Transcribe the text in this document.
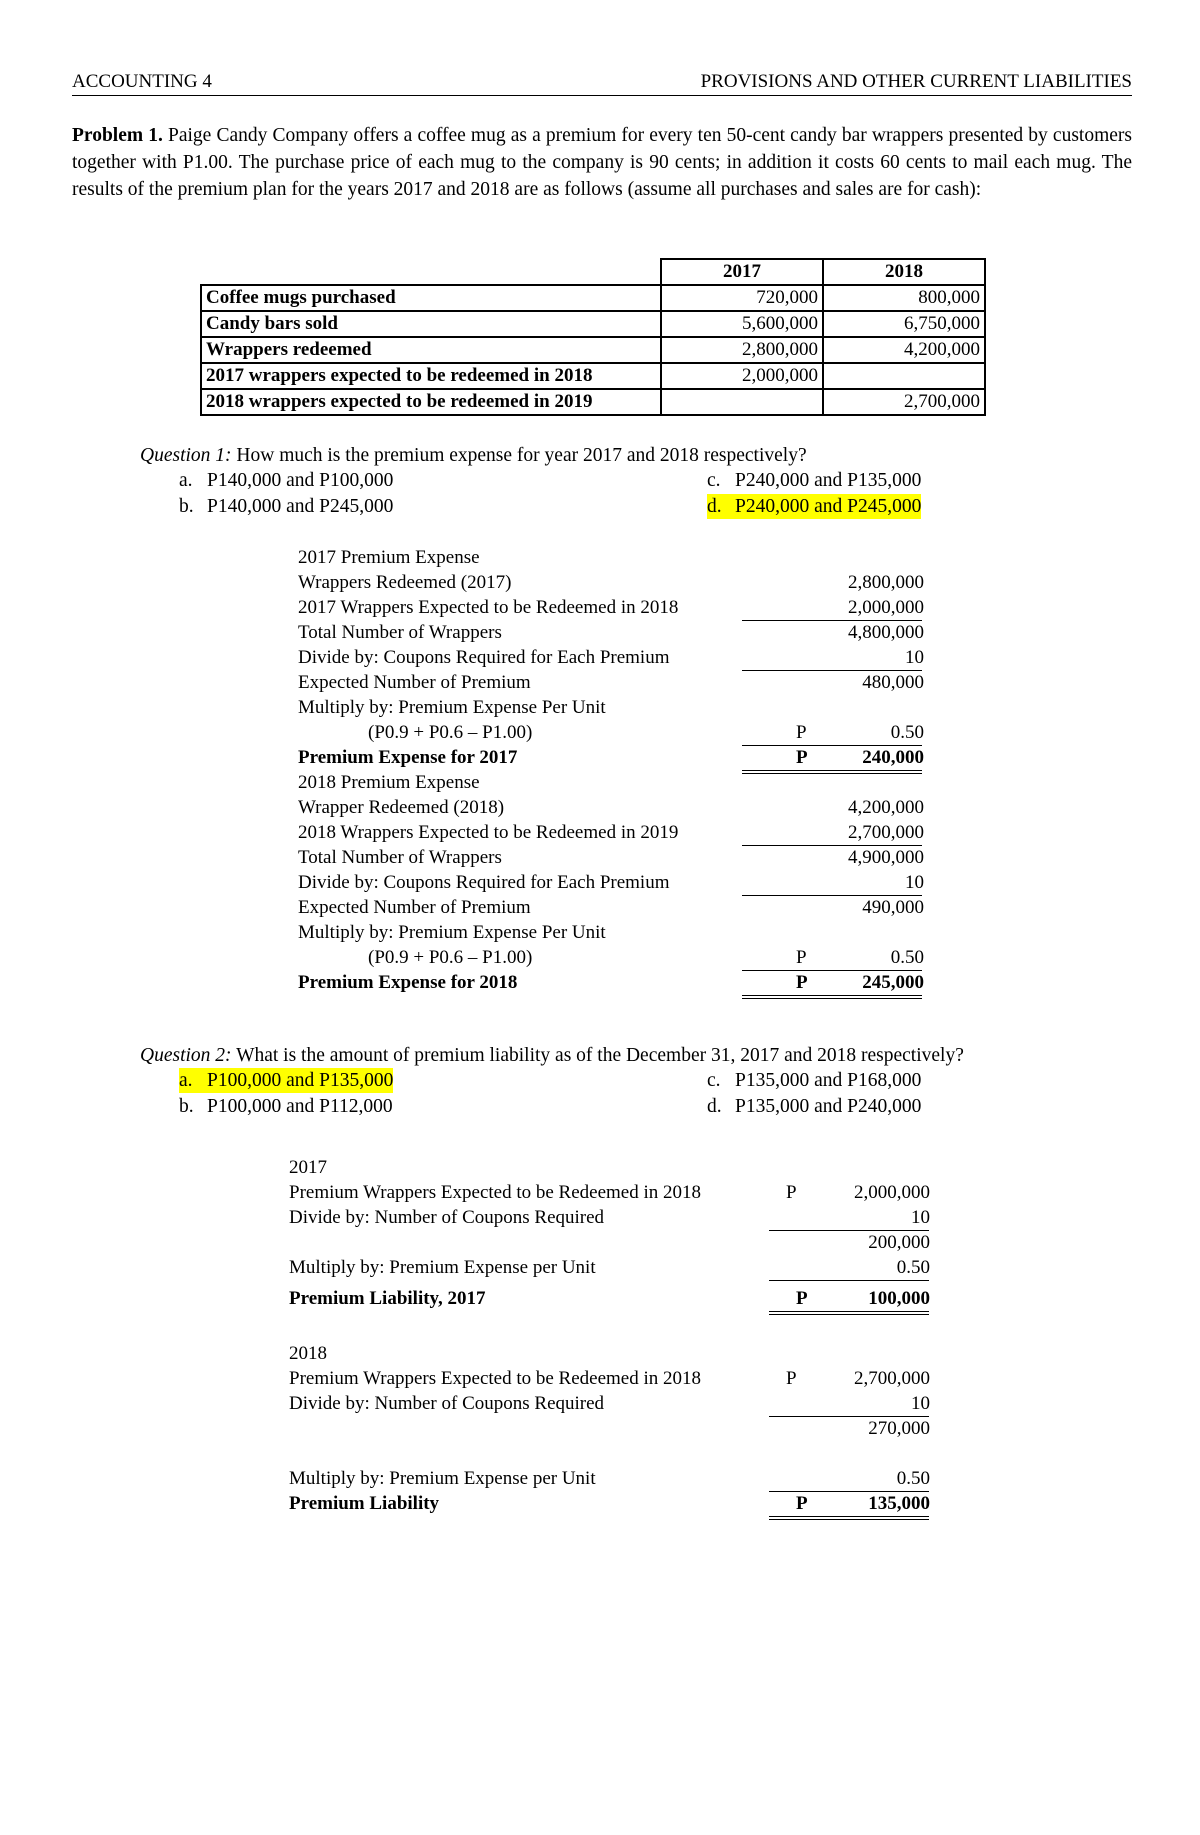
ACCOUNTING 4	PROVISIONS AND OTHER CURRENT LIABILITIES
Problem 1. Paige Candy Company offers a coffee mug as a premium for every ten 50-cent candy bar wrappers presented by customers together with P1.00. The purchase price of each mug to the company is 90 cents; in addition it costs 60 cents to mail each mug. The results of the premium plan for the years 2017 and 2018 are as follows (assume all purchases and sales are for cash):
	2017	2018
Coffee mugs purchased	720,000	800,000
Candy bars sold	5,600,000	6,750,000
Wrappers redeemed	2,800,000	4,200,000
2017 wrappers expected to be redeemed in 2018	2,000,000	
2018 wrappers expected to be redeemed in 2019		2,700,000
Question 1: How much is the premium expense for year 2017 and 2018 respectively?
a. P140,000 and P100,000
b. P140,000 and P245,000
c. P240,000 and P135,000
d. P240,000 and P245,000
2017 Premium Expense
Wrappers Redeemed (2017)	2,800,000
2017 Wrappers Expected to be Redeemed in 2018	2,000,000
Total Number of Wrappers	4,800,000
Divide by: Coupons Required for Each Premium	10
Expected Number of Premium	480,000
Multiply by: Premium Expense Per Unit
(P0.9 + P0.6 – P1.00)	P	0.50
Premium Expense for 2017	P	240,000
2018 Premium Expense
Wrapper Redeemed (2018)	4,200,000
2018 Wrappers Expected to be Redeemed in 2019	2,700,000
Total Number of Wrappers	4,900,000
Divide by: Coupons Required for Each Premium	10
Expected Number of Premium	490,000
Multiply by: Premium Expense Per Unit
(P0.9 + P0.6 – P1.00)	P	0.50
Premium Expense for 2018	P	245,000
Question 2: What is the amount of premium liability as of the December 31, 2017 and 2018 respectively?
a. P100,000 and P135,000
b. P100,000 and P112,000
c. P135,000 and P168,000
d. P135,000 and P240,000
2017
Premium Wrappers Expected to be Redeemed in 2018	P	2,000,000
Divide by: Number of Coupons Required	10
200,000
Multiply by: Premium Expense per Unit	0.50
Premium Liability, 2017	P	100,000
2018
Premium Wrappers Expected to be Redeemed in 2018	P	2,700,000
Divide by: Number of Coupons Required	10
270,000
Multiply by: Premium Expense per Unit	0.50
Premium Liability	P	135,000
